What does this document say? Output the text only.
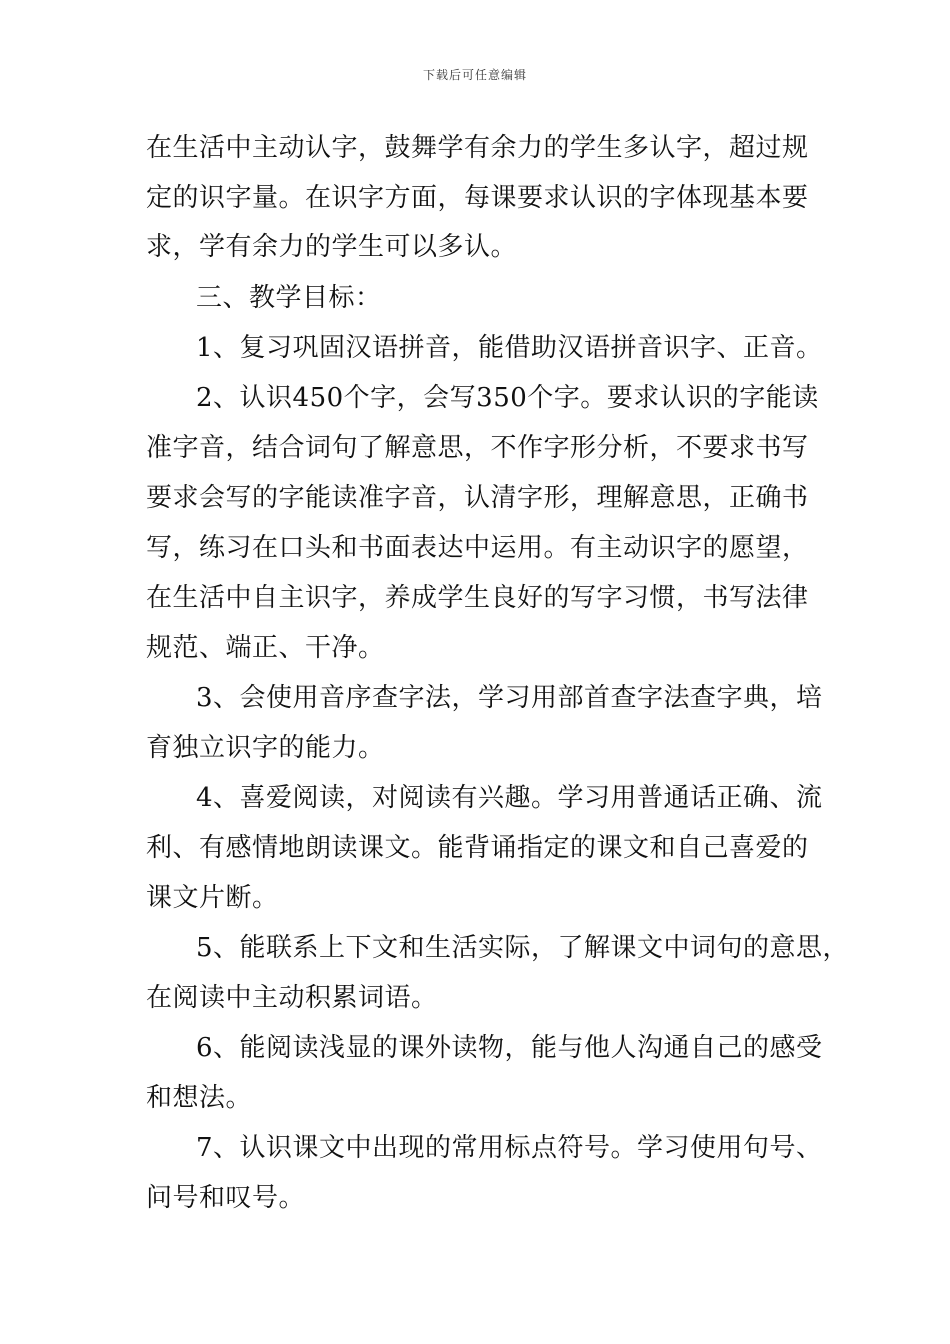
下载后可任意编辑
在生活中主动认字，鼓舞学有余力的学生多认字，超过规
定的识字量。在识字方面，每课要求认识的字体现基本要
求，学有余力的学生可以多认。
三、教学目标：
1、复习巩固汉语拼音，能借助汉语拼音识字、正音。
2、认识450个字，会写350个字。要求认识的字能读
准字音，结合词句了解意思，不作字形分析，不要求书写
要求会写的字能读准字音，认清字形，理解意思，正确书
写，练习在口头和书面表达中运用。有主动识字的愿望，
在生活中自主识字，养成学生良好的写字习惯，书写法律
规范、端正、干净。
3、会使用音序查字法，学习用部首查字法查字典，培
育独立识字的能力。
4、喜爱阅读，对阅读有兴趣。学习用普通话正确、流
利、有感情地朗读课文。能背诵指定的课文和自己喜爱的
课文片断。
5、能联系上下文和生活实际，了解课文中词句的意思，
在阅读中主动积累词语。
6、能阅读浅显的课外读物，能与他人沟通自己的感受
和想法。
7、认识课文中出现的常用标点符号。学习使用句号、
问号和叹号。
